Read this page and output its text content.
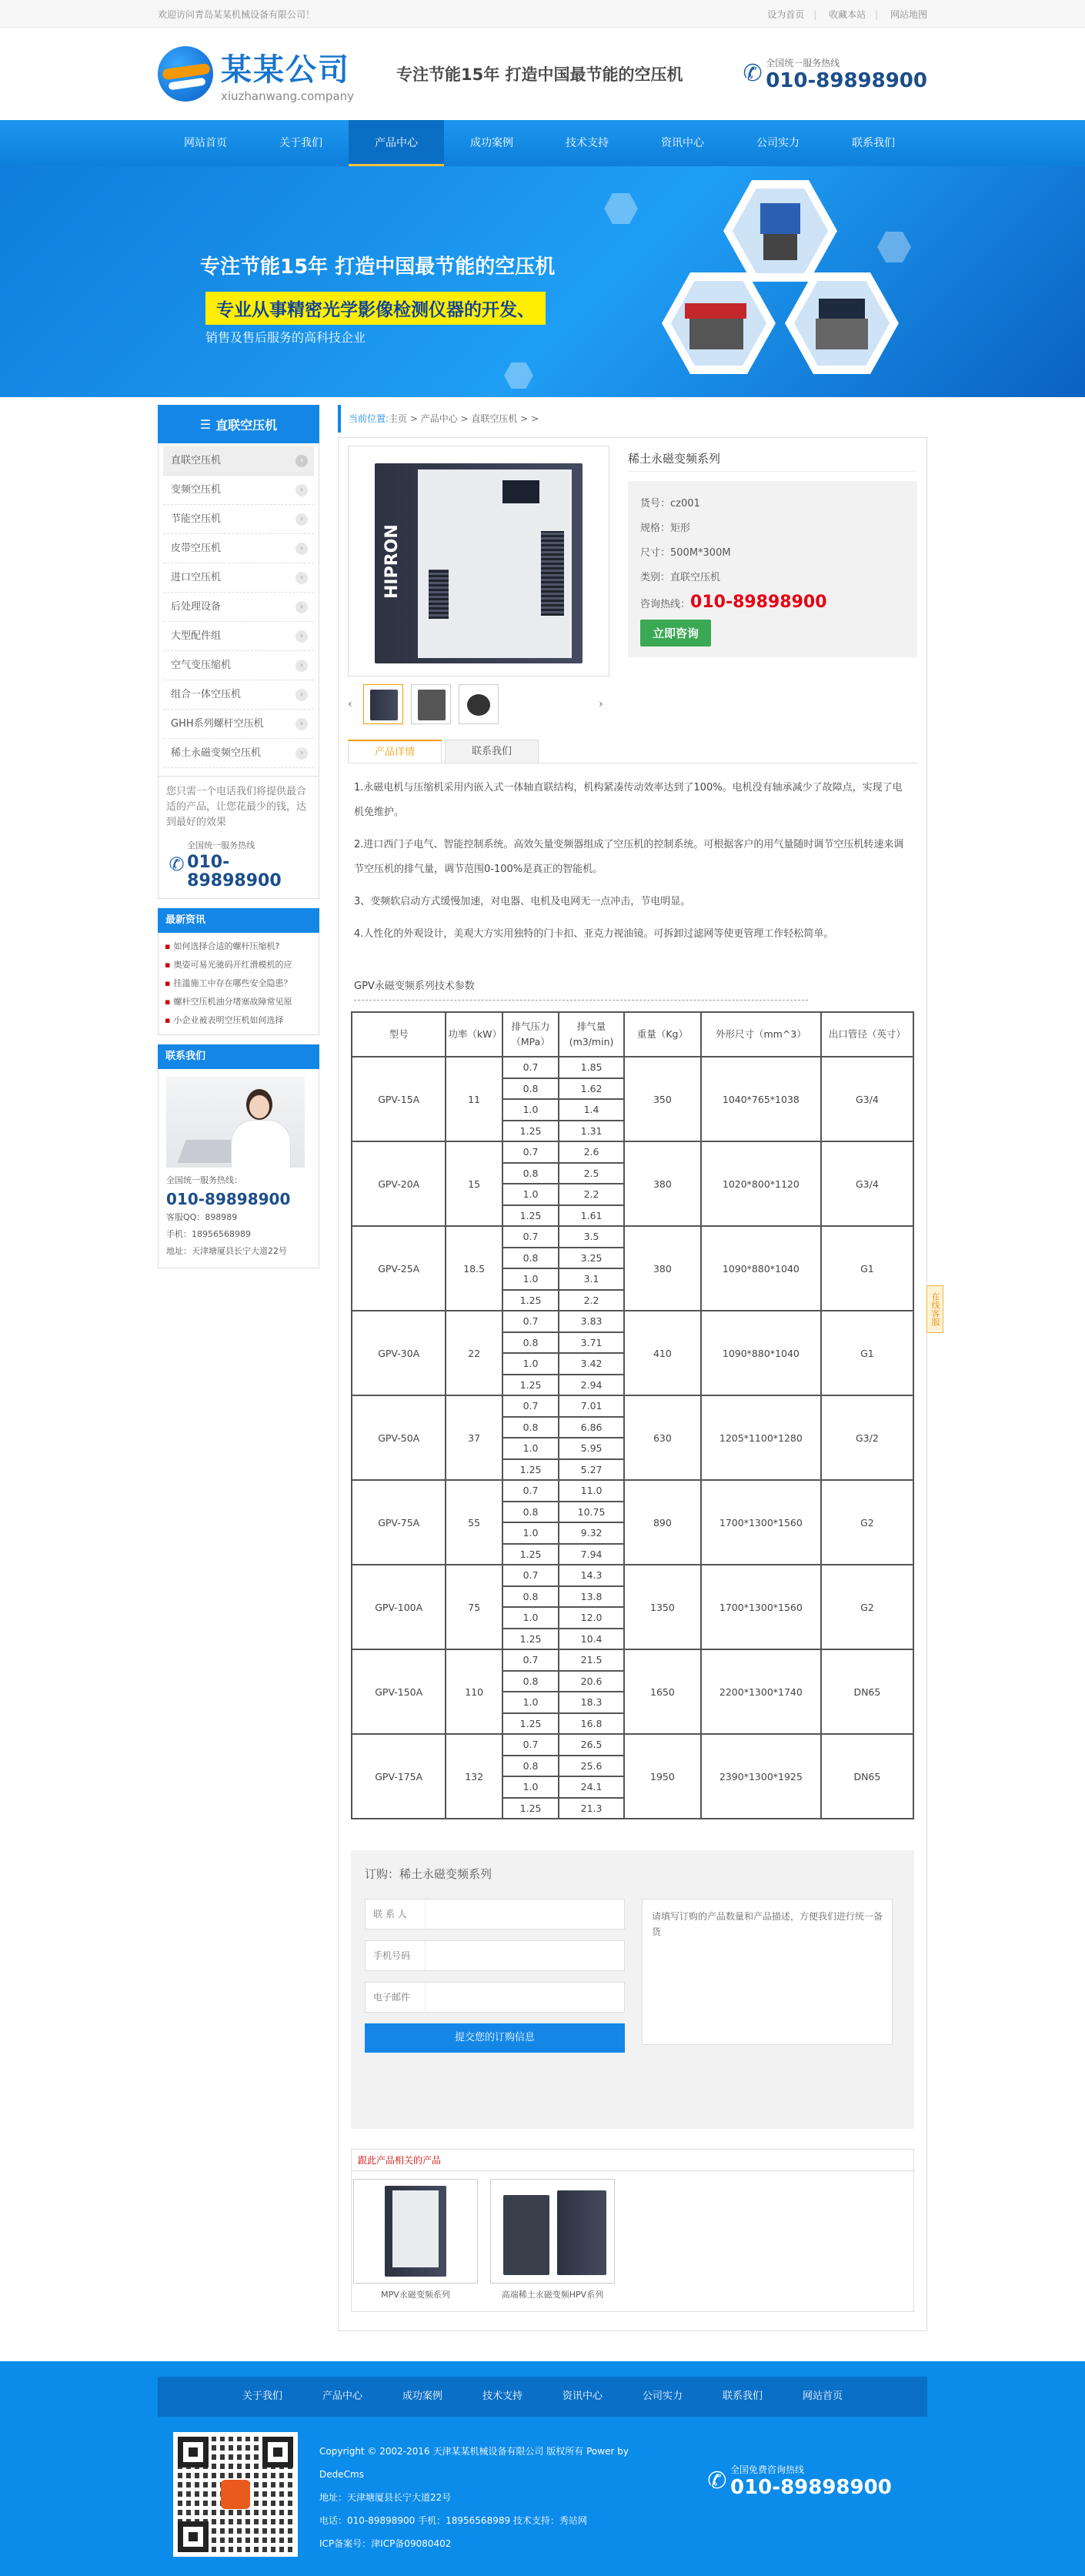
欢迎访问青岛某某机械设备有限公司！	设为首页 | 收藏本站 | 网站地图
某某公司
xiuzhanwang.company
专注节能15年 打造中国最节能的空压机	✆ 全国统一服务热线
010-89898900
网站首页	关于我们	产品中心	成功案例	技术支持	资讯中心	公司实力	联系我们
专注节能15年 打造中国最节能的空压机
专业从事精密光学影像检测仪器的开发、
销售及售后服务的高科技企业
☰ 直联空压机
直联空压机	›
变频空压机	›
节能空压机	›
皮带空压机	›
进口空压机	›
后处理设备	›
大型配件组	›
空气变压缩机	›
组合一体空压机	›
GHH系列螺杆空压机	›
稀土永磁变频空压机	›
您只需一个电话我们将提供最合适的产品，让您花最少的钱，达到最好的效果
✆
全国统一服务热线
010-89898900
最新资讯
▪ 如何选择合适的螺杆压缩机?
▪ 奥姿可易光驰码开红滑模机的应
▪ 挂滥施工中存在哪些安全隐患？
▪ 螺杆空压机油分堵塞故障常见原
▪ 小企业被表明空压机如何选择
联系我们
全国统一服务热线：
010-89898900
客服QQ：898989
手机：18956568989
地址：天津塘厦县长宁大道22号
当前位置:主页 > 产品中心 > 直联空压机 > >
HIPRON
‹	›
稀土永磁变频系列
货号：cz001
规格：矩形
尺寸：500M*300M
类别：直联空压机
咨询热线：010-89898900
立即咨询
产品详情	联系我们

1.永磁电机与压缩机采用内嵌入式一体轴直联结构，机构紧凑传动效率达到了100%。电机没有轴承减少了故障点，实现了电机免维护。

2.进口西门子电气、智能控制系统。高效矢量变频器组成了空压机的控制系统。可根据客户的用气量随时调节空压机转速来调节空压机的排气量，调节范围0-100%是真正的智能机。

3、变频软启动方式缓慢加速，对电器、电机及电网无一点冲击，节电明显。

4.人性化的外观设计，美观大方实用独特的门卡扣、亚克力视油镜。可拆卸过滤网等使更管理工作轻松简单。

GPV永磁变频系列技术参数
型号	功率（kW）	排气压力（MPa）	排气量(m3/min)	重量（Kg）	外形尺寸（mm^3）	出口管径（英寸）
GPV-15A	11	0.7	1.85	350	1040*765*1038	G3/4
		0.8	1.62			
		1.0	1.4			
		1.25	1.31			
GPV-20A	15	0.7	2.6	380	1020*800*1120	G3/4
		0.8	2.5			
		1.0	2.2			
		1.25	1.61			
GPV-25A	18.5	0.7	3.5	380	1090*880*1040	G1
		0.8	3.25			
		1.0	3.1			
		1.25	2.2			
GPV-30A	22	0.7	3.83	410	1090*880*1040	G1
		0.8	3.71			
		1.0	3.42			
		1.25	2.94			
GPV-50A	37	0.7	7.01	630	1205*1100*1280	G3/2
		0.8	6.86			
		1.0	5.95			
		1.25	5.27			
GPV-75A	55	0.7	11.0	890	1700*1300*1560	G2
		0.8	10.75			
		1.0	9.32			
		1.25	7.94			
GPV-100A	75	0.7	14.3	1350	1700*1300*1560	G2
		0.8	13.8			
		1.0	12.0			
		1.25	10.4			
GPV-150A	110	0.7	21.5	1650	2200*1300*1740	DN65
		0.8	20.6			
		1.0	18.3			
		1.25	16.8			
GPV-175A	132	0.7	26.5	1950	2390*1300*1925	DN65
		0.8	25.6			
		1.0	24.1			
		1.25	21.3			
订购：稀土永磁变频系列
联 系 人
手机号码
电子邮件
提交您的订购信息
请填写订购的产品数量和产品描述，方便我们进行统一备货
跟此产品相关的产品
MPV永磁变频系列	高端稀土永磁变频HPV系列
在线客服
关于我们	产品中心	成功案例	技术支持	资讯中心	公司实力	联系我们	网站首页
Copyright © 2002-2016 天津某某机械设备有限公司 版权所有 Power by DedeCms
地址：天津塘厦县长宁大道22号
电话：010-89898900 手机：18956568989 技术支持：秀站网
ICP备案号：津ICP备09080402
✆ 全国免费咨询热线
010-89898900
